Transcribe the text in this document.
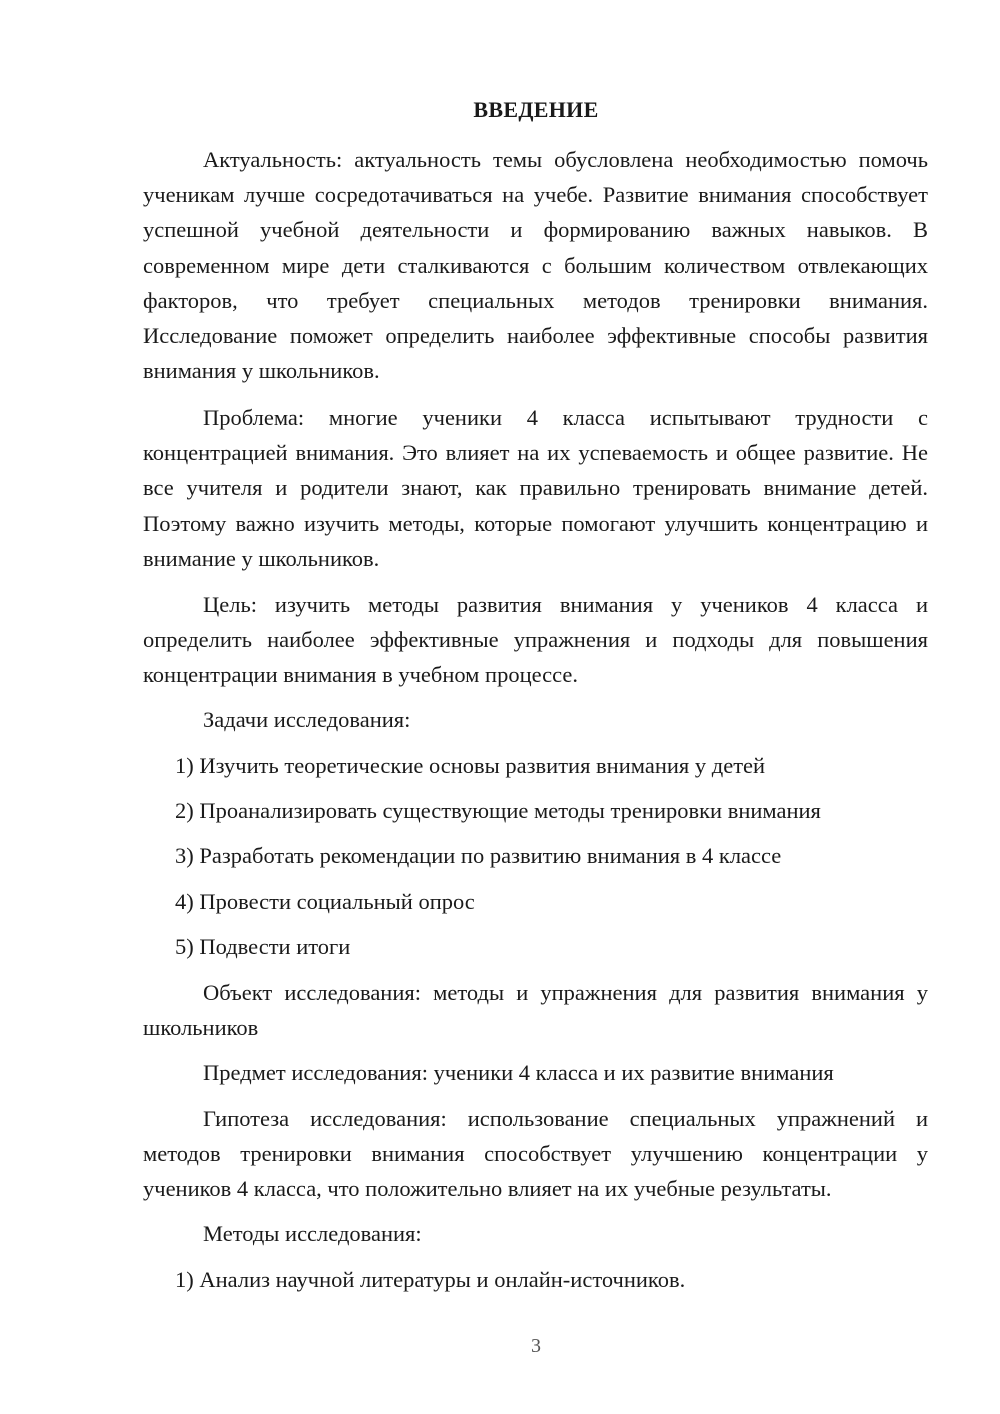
ВВЕДЕНИЕ

Актуальность: актуальность темы обусловлена необходимостью помочь ученикам лучше сосредотачиваться на учебе. Развитие внимания способствует успешной учебной деятельности и формированию важных навыков. В современном мире дети сталкиваются с большим количеством отвлекающих факторов, что требует специальных методов тренировки внимания. Исследование поможет определить наиболее эффективные способы развития внимания у школьников.

Проблема: многие ученики 4 класса испытывают трудности с концентрацией внимания. Это влияет на их успеваемость и общее развитие. Не все учителя и родители знают, как правильно тренировать внимание детей. Поэтому важно изучить методы, которые помогают улучшить концентрацию и внимание у школьников.

Цель: изучить методы развития внимания у учеников 4 класса и определить наиболее эффективные упражнения и подходы для повышения концентрации внимания в учебном процессе.

Задачи исследования:
1) Изучить теоретические основы развития внимания у детей
2) Проанализировать существующие методы тренировки внимания
3) Разработать рекомендации по развитию внимания в 4 классе
4) Провести социальный опрос
5) Подвести итоги

Объект исследования: методы и упражнения для развития внимания у школьников

Предмет исследования: ученики 4 класса и их развитие внимания

Гипотеза исследования: использование специальных упражнений и методов тренировки внимания способствует улучшению концентрации у учеников 4 класса, что положительно влияет на их учебные результаты.

Методы исследования:
1) Анализ научной литературы и онлайн-источников.
3
